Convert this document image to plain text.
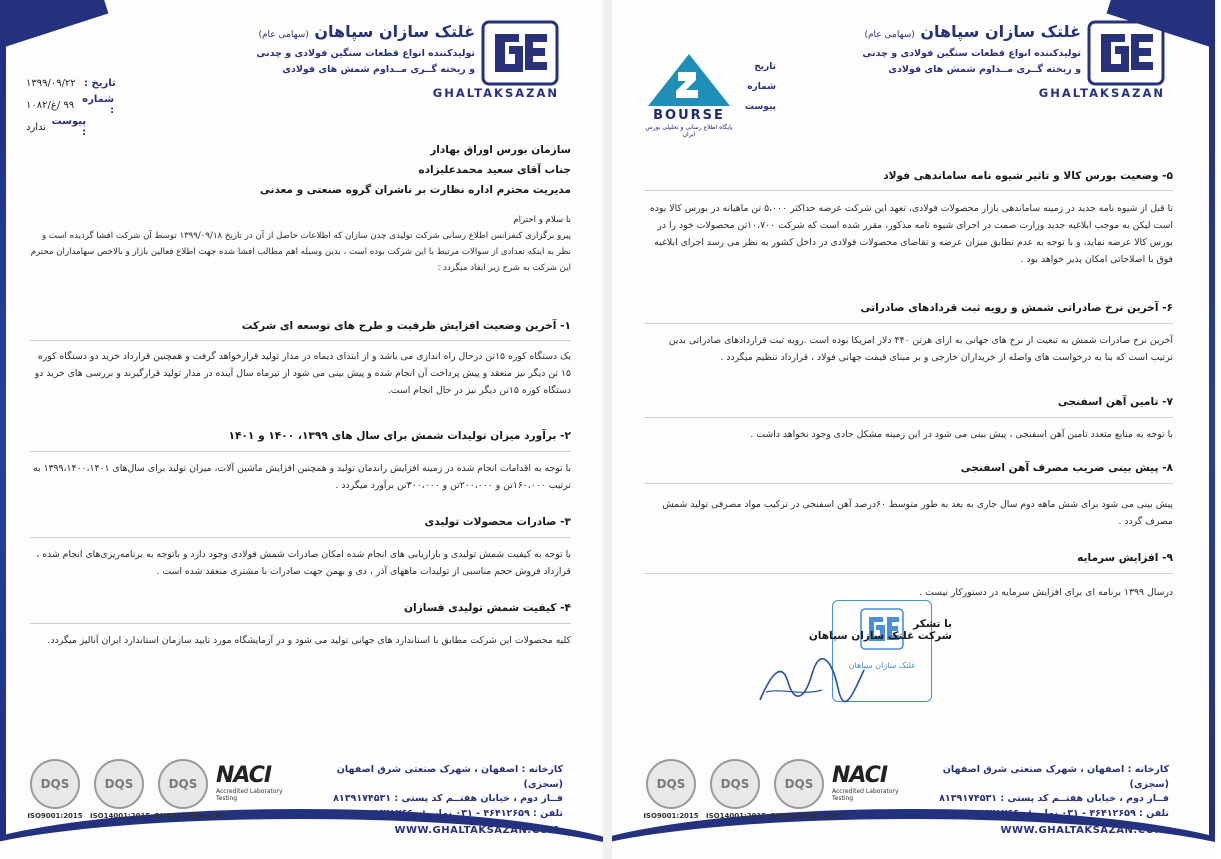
غلتک سازان سپاهان (سهامی عام)
تولیدکننده انواع قطعات سنگین فولادی و چدنی
و ریخته گــری مــداوم شمش های فولادی
GHALTAKSAZAN
تاریخ :
۱۳۹۹/۰۹/۲۲
شماره :
۹۹ /غ/۱۰۸۲
پیوست :
ندارد
سازمان بورس اوراق بهادار
جناب آقای سعید محمدعلیزاده
مدیریت محترم اداره نظارت بر ناشران گروه صنعتی و معدنی
با سلام و احترام
پیرو برگزاری کنفرانس اطلاع رسانی شرکت تولیدی چدن سازان که اطلاعات حاصل از آن در تاریخ ۱۳۹۹/۰۹/۱۸ توسط آن شرکت افشا گردیده است و نظر به اینکه تعدادی از سوالات مرتبط با این شرکت بوده است ، بدین وسیله اهم مطالب افشا شده جهت اطلاع فعالین بازار و بالاخص سهامداران محترم این شرکت به شرح زیر ایفاد میگردد :
۱- آخرین وضعیت افزایش ظرفیت و طرح های توسعه ای شرکت
یک دستگاه کوره ۱۵تن درحال راه اندازی می باشد و از ابتدای دیماه در مدار تولید قرارخواهد گرفت و همچنین قرارداد خرید دو دستگاه کوره ۱۵ تن دیگر نیز منعقد و پیش پرداخت آن انجام شده و پیش بینی می شود از تیرماه سال آینده در مدار تولید قرارگیرند و بررسی های خرید دو دستگاه کوره ۱۵تن دیگر نیز در حال انجام است.
۲- برآورد میزان تولیدات شمش برای سال های ۱۳۹۹، ۱۴۰۰ و ۱۴۰۱
با توجه به اقدامات انجام شده در زمینه افزایش راندمان تولید و همچنین افزایش ماشین آلات، میزان تولید برای سال‌های ۱۳۹۹،۱۴۰۰،۱۴۰۱ به ترتیب ۱۶۰،۰۰۰تن و ۲۰۰،۰۰۰تن و ۳۰۰،۰۰۰تن برآورد میگردد .
۳- صادرات محصولات تولیدی
با توجه به کیفیت شمش تولیدی و بازاریابی های انجام شده امکان صادرات شمش فولادی وجود دارد و باتوجه به برنامه‌ریزی‌های انجام شده ، قرارداد فروش حجم مناسبی از تولیدات ماههای آذر ، دی و بهمن جهت صادرات با مشتری منعقد شده است .
۴- کیفیت شمش تولیدی فسازان
کلیه محصولات این شرکت مطابق با استاندارد های جهانی تولید می شود و در آزمایشگاه مورد تایید سازمان استاندارد ایران آنالیز میگردد.
DQS
ISO9001:2015
DQS
ISO14001:2015
DQS
OHSAS18001:2007
NACI
Accredited Laboratory
Testing
کارخانه : اصفهان ، شهرک صنعتی شرق اصفهان (سجزی)
فــاز دوم ، خیابان هفتــم کد پستی : ۸۱۳۹۱۷۴۵۳۱
تلفن : ۴۶۴۱۲۶۵۹ - ۰۳۱ نمابر : ۴۶۴۱۲۶۶۰ - ۰۳۱
WWW.GHALTAKSAZAN.COM
غلتک سازان سپاهان (سهامی عام)
تولیدکننده انواع قطعات سنگین فولادی و چدنی
و ریخته گــری مــداوم شمش های فولادی
GHALTAKSAZAN
BOURSE
پایگاه اطلاع رسانی و تحلیلی بورس ایران
تاریخ
شماره
پیوست
۵- وضعیت بورس کالا و تاثیر شیوه نامه ساماندهی فولاد
تا قبل از شیوه نامه جدید در زمینه ساماندهی بازار محصولات فولادی، تعهد این شرکت عرضه حداکثر ۵،۰۰۰ تن ماهیانه در بورس کالا بوده است لیکن به موجب ابلاغیه جدید وزارت صمت در اجرای شیوه نامه مذکور، مقرر شده است که شرکت ۱۰،۷۰۰تن محصولات خود را در بورس کالا عرضه نماید، و با توجه به عدم تطابق میزان عرضه و تقاضای محصولات فولادی در داخل کشور به نظر می رسد اجرای ابلاغیه فوق با اصلاحاتی امکان پذیر خواهد بود .
۶- آخرین نرخ صادراتی شمش و رویه ثبت قردادهای صادراتی
آخرین نرخ صادرات شمش به تبعیت از نرخ های جهانی به ازای هرتن ۴۴۰ دلار امریکا بوده است .رویه ثبت قراردادهای صادراتی بدین ترتیب است که بنا به درخواست های واصله از خریداران خارجی و بر مبنای قیمت جهانی فولاد ، قرارداد تنظیم میگردد .
۷- تامین آهن اسفنجی
با توجه به منابع متعدد تامین آهن اسفنجی ، پیش بینی می شود در این زمینه مشکل حادی وجود نخواهد داشت .
۸- پیش بینی ضریب مصرف آهن اسفنجی
پیش بینی می شود برای شش ماهه دوم سال جاری به بعد به طور متوسط ۶۰درصد آهن اسفنجی در ترکیب مواد مصرفی تولید شمش مصرف گردد .
۹- افزایش سرمایه
درسال ۱۳۹۹ برنامه ای برای افزایش سرمایه در دستورکار نیست .
غلتک سازان سپاهان
با تشکر
شرکت غلتک سازان سپاهان
DQS
ISO9001:2015
DQS
ISO14001:2015
DQS
OHSAS18001:2007
NACI
Accredited Laboratory
Testing
کارخانه : اصفهان ، شهرک صنعتی شرق اصفهان (سجزی)
فــاز دوم ، خیابان هفتــم کد پستی : ۸۱۳۹۱۷۴۵۳۱
تلفن : ۴۶۴۱۲۶۵۹ - ۰۳۱ نمابر : ۴۶۴۱۲۶۶۰ - ۰۳۱
WWW.GHALTAKSAZAN.COM
